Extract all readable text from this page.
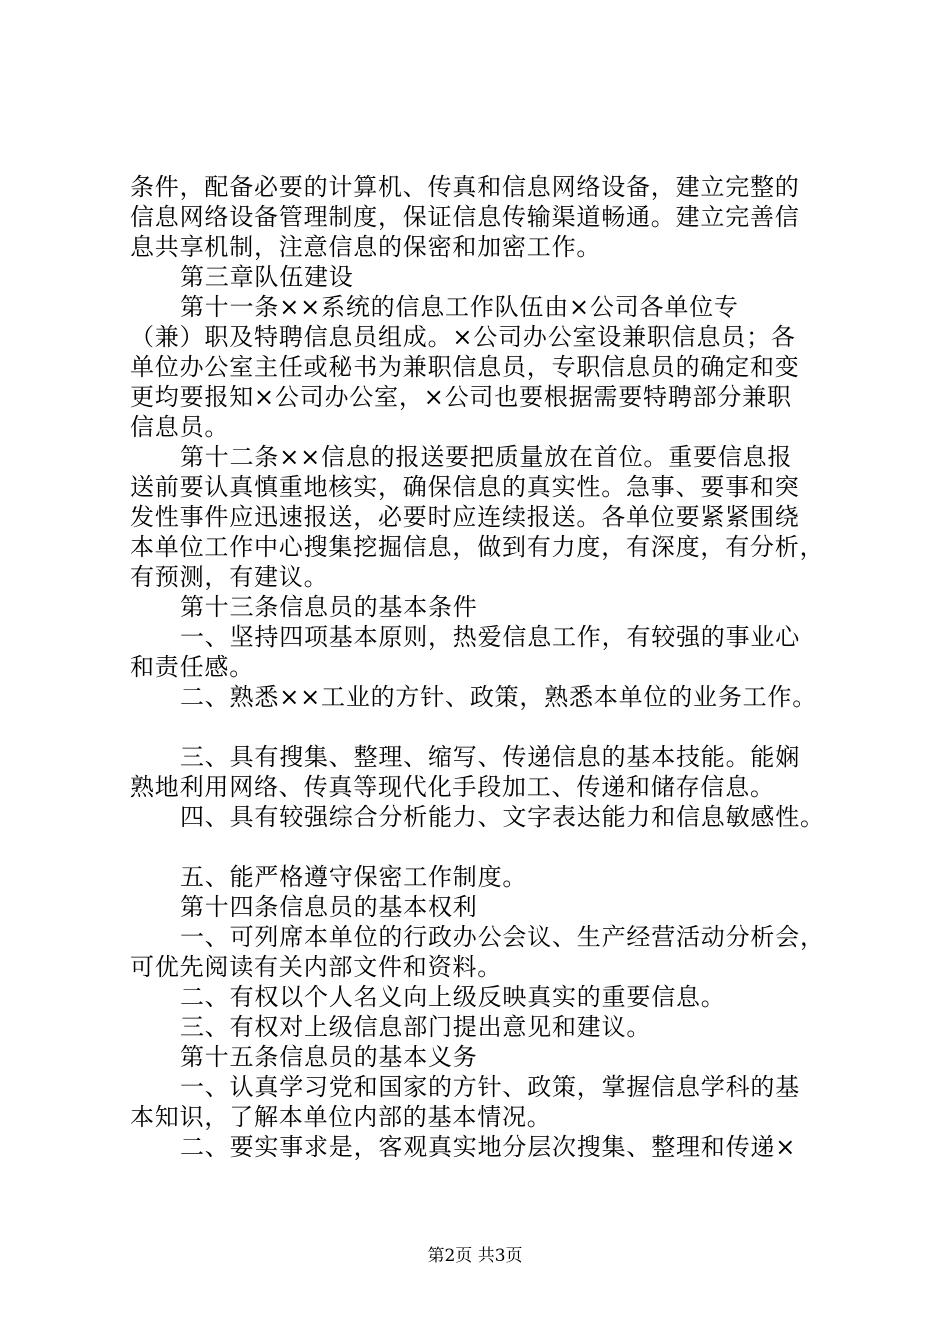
条件，配备必要的计算机、传真和信息网络设备，建立完整的
信息网络设备管理制度，保证信息传输渠道畅通。建立完善信
息共享机制，注意信息的保密和加密工作。
第三章队伍建设
第十一条××系统的信息工作队伍由×公司各单位专
（兼）职及特聘信息员组成。×公司办公室设兼职信息员；各
单位办公室主任或秘书为兼职信息员，专职信息员的确定和变
更均要报知×公司办公室，×公司也要根据需要特聘部分兼职
信息员。
第十二条××信息的报送要把质量放在首位。重要信息报
送前要认真慎重地核实，确保信息的真实性。急事、要事和突
发性事件应迅速报送，必要时应连续报送。各单位要紧紧围绕
本单位工作中心搜集挖掘信息，做到有力度，有深度，有分析，
有预测，有建议。
第十三条信息员的基本条件
一、坚持四项基本原则，热爱信息工作，有较强的事业心
和责任感。
二、熟悉××工业的方针、政策，熟悉本单位的业务工作。
三、具有搜集、整理、缩写、传递信息的基本技能。能娴
熟地利用网络、传真等现代化手段加工、传递和储存信息。
四、具有较强综合分析能力、文字表达能力和信息敏感性。
五、能严格遵守保密工作制度。
第十四条信息员的基本权利
一、可列席本单位的行政办公会议、生产经营活动分析会，
可优先阅读有关内部文件和资料。
二、有权以个人名义向上级反映真实的重要信息。
三、有权对上级信息部门提出意见和建议。
第十五条信息员的基本义务
一、认真学习党和国家的方针、政策，掌握信息学科的基
本知识，了解本单位内部的基本情况。
二、要实事求是，客观真实地分层次搜集、整理和传递×
第2页 共3页
